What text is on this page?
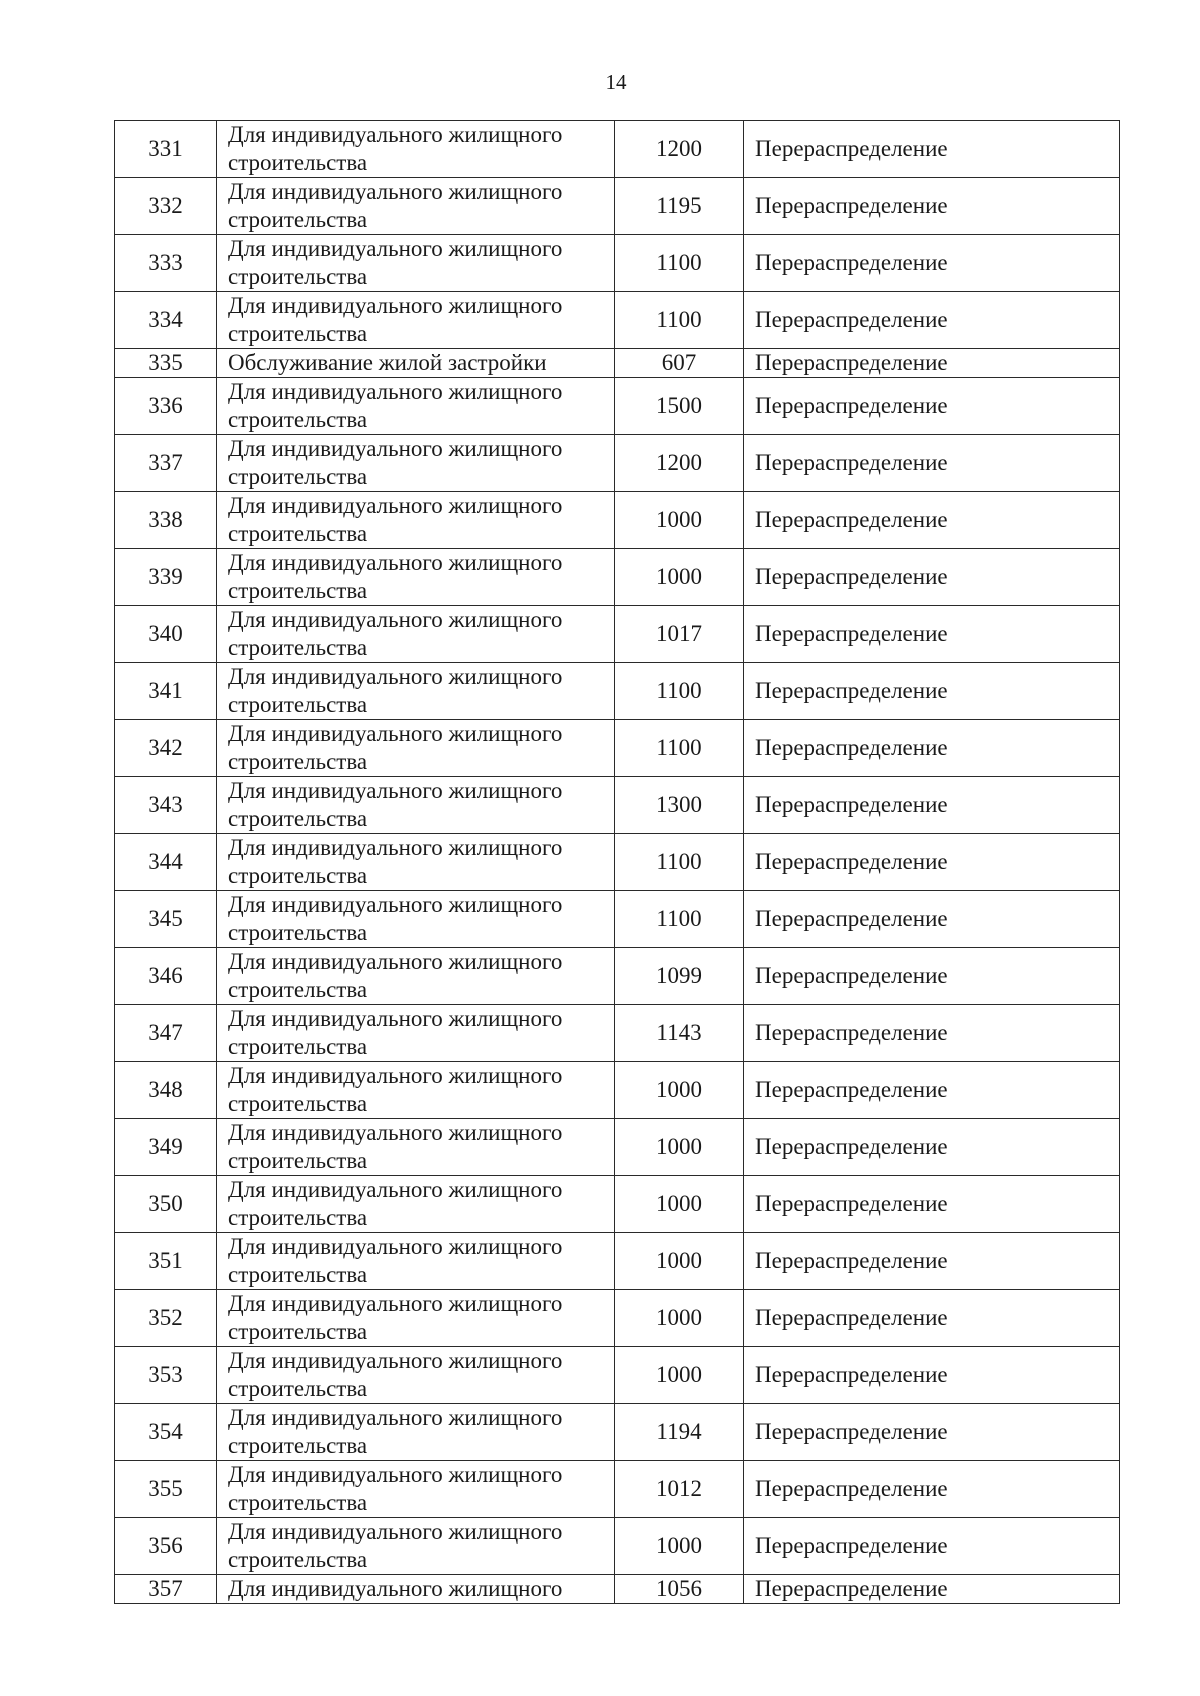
14
331	Для индивидуального жилищного строительства	1200	Перераспределение
332	Для индивидуального жилищного строительства	1195	Перераспределение
333	Для индивидуального жилищного строительства	1100	Перераспределение
334	Для индивидуального жилищного строительства	1100	Перераспределение
335	Обслуживание жилой застройки	607	Перераспределение
336	Для индивидуального жилищного строительства	1500	Перераспределение
337	Для индивидуального жилищного строительства	1200	Перераспределение
338	Для индивидуального жилищного строительства	1000	Перераспределение
339	Для индивидуального жилищного строительства	1000	Перераспределение
340	Для индивидуального жилищного строительства	1017	Перераспределение
341	Для индивидуального жилищного строительства	1100	Перераспределение
342	Для индивидуального жилищного строительства	1100	Перераспределение
343	Для индивидуального жилищного строительства	1300	Перераспределение
344	Для индивидуального жилищного строительства	1100	Перераспределение
345	Для индивидуального жилищного строительства	1100	Перераспределение
346	Для индивидуального жилищного строительства	1099	Перераспределение
347	Для индивидуального жилищного строительства	1143	Перераспределение
348	Для индивидуального жилищного строительства	1000	Перераспределение
349	Для индивидуального жилищного строительства	1000	Перераспределение
350	Для индивидуального жилищного строительства	1000	Перераспределение
351	Для индивидуального жилищного строительства	1000	Перераспределение
352	Для индивидуального жилищного строительства	1000	Перераспределение
353	Для индивидуального жилищного строительства	1000	Перераспределение
354	Для индивидуального жилищного строительства	1194	Перераспределение
355	Для индивидуального жилищного строительства	1012	Перераспределение
356	Для индивидуального жилищного строительства	1000	Перераспределение

357	Для индивидуального жилищного	1056	Перераспределение
